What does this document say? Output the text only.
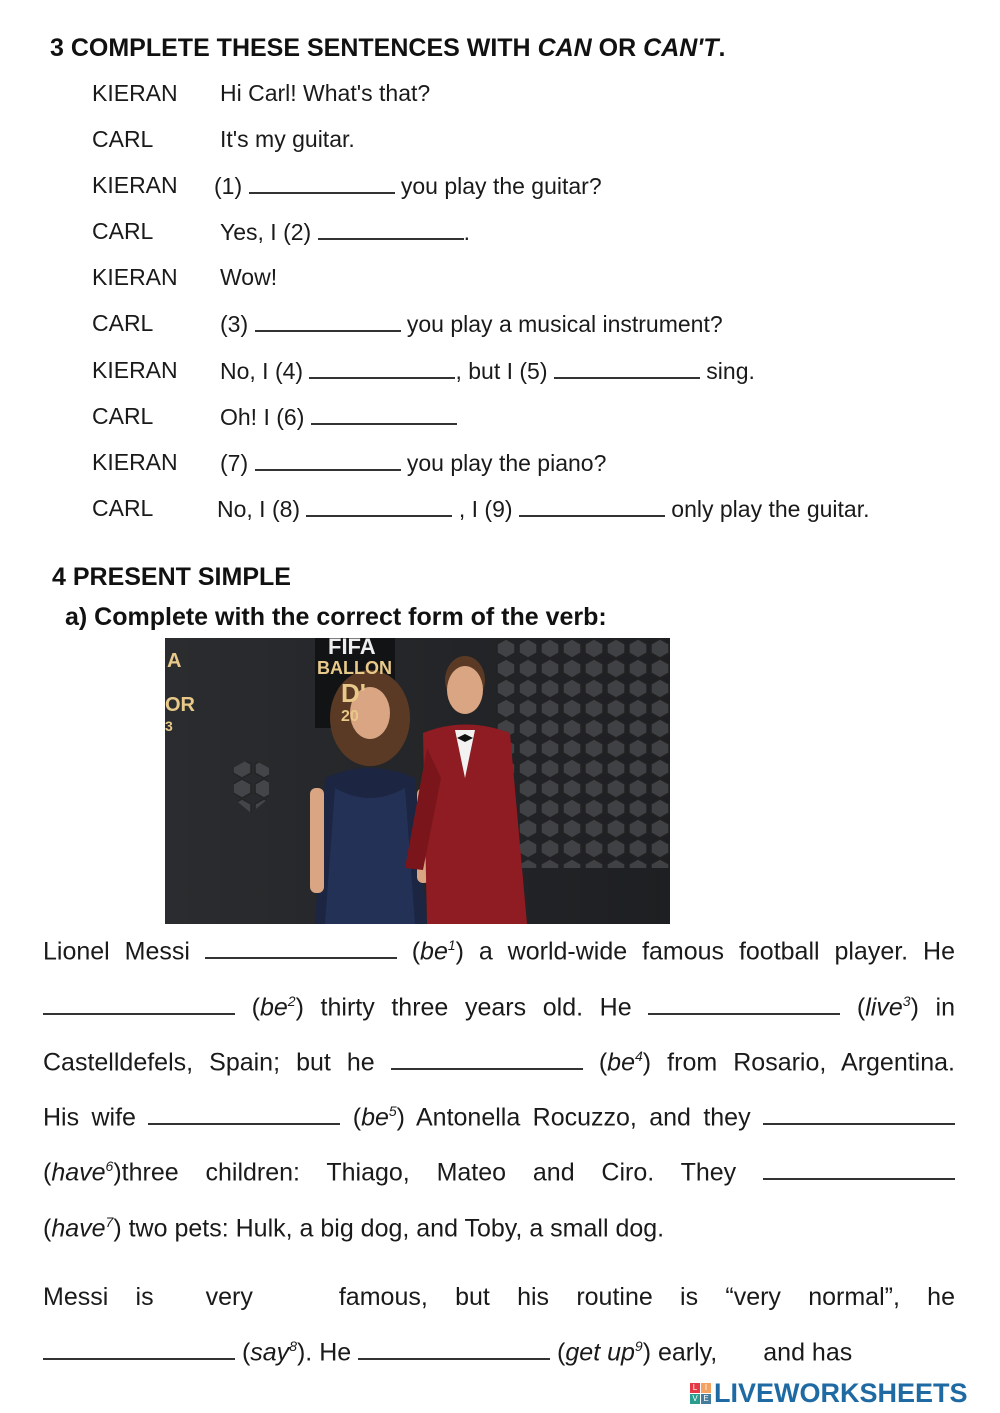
3 COMPLETE THESE SENTENCES WITH CAN OR CAN'T.
KIERAN Hi Carl! What's that?
CARL	It's my guitar.
KIERAN (1)	you play the guitar?
CARL	Yes, I (2)	.
KIERAN Wow!
CARL	(3)	you play a musical instrument?
KIERAN No, I (4)	, but I (5)	sing.
CARL	Oh! I (6)
KIERAN (7)	you play the piano?
CARL	No, I (8)	, I (9)	only play the guitar.
4 PRESENT SIMPLE
a) Complete with the correct form of the verb:
FIFA
BALLON
D'
20
A
OR
3
Lionel Messi	$(be^1)$ a world-wide famous football player. He
$(be^2)$ thirty three years old. He	(live$^3$) in
Castelldefels, Spain; but he	$(be^4)$ from Rosario, Argentina.
His wife	$(be^5)$ Antonella Rocuzzo, and they
(have$^6$)three children: Thiago, Mateo and Ciro. They
(have$^7$) two pets: Hulk, a big dog, and Toby, a small dog.
Messi is very	famous, but his routine is “very normal”, he
(say$^8$). He	(get $up^9$) early, and has
L I
V E LIVEWORKSHEETS
